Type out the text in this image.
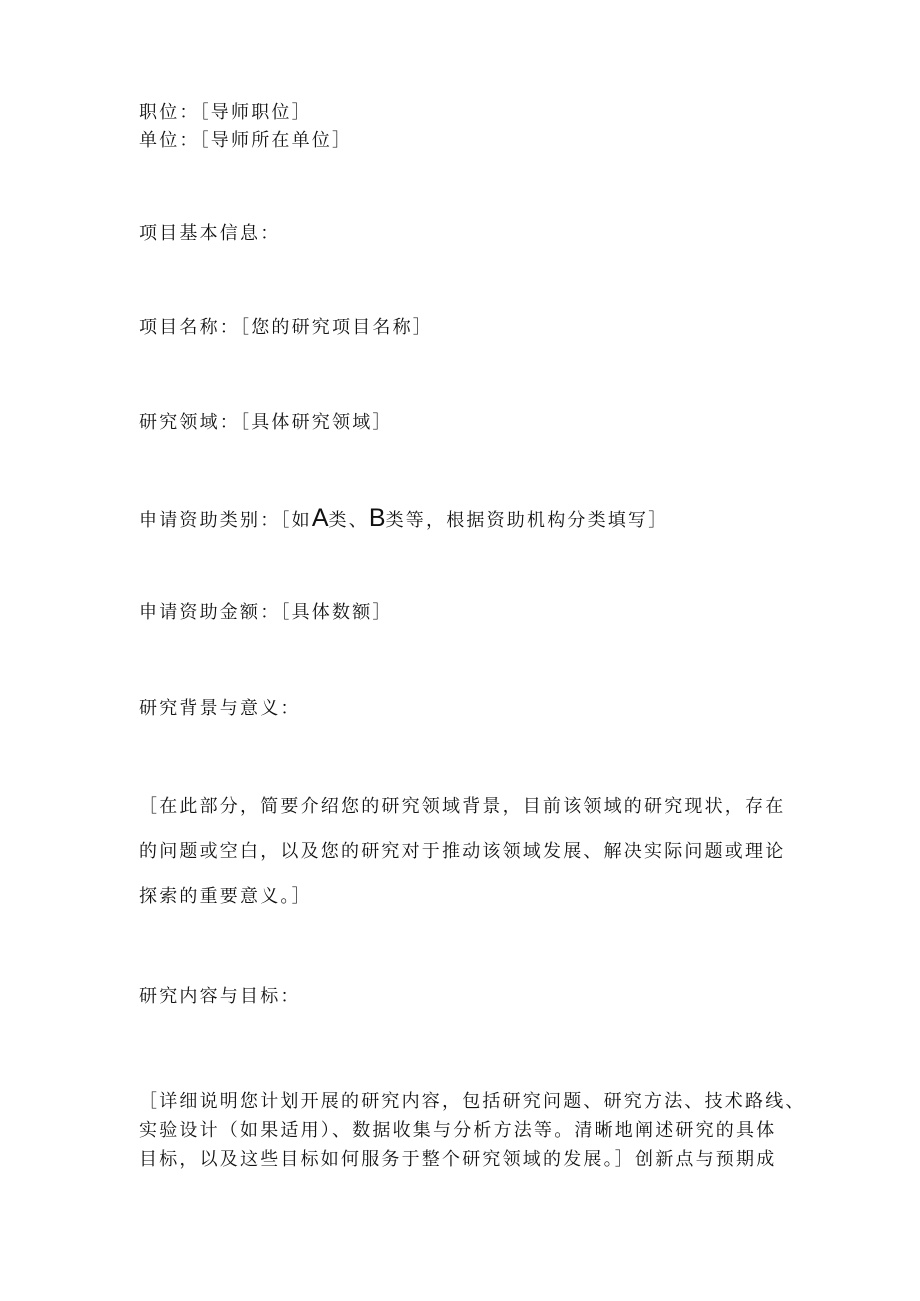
职位：［导师职位］
单位：［导师所在单位］
项目基本信息：
项目名称：［您的研究项目名称］
研究领域：［具体研究领域］
申请资助类别：［如A类、B类等，根据资助机构分类填写］
申请资助金额：［具体数额］
研究背景与意义：
［在此部分，简要介绍您的研究领域背景，目前该领域的研究现状，存在
的问题或空白，以及您的研究对于推动该领域发展、解决实际问题或理论
探索的重要意义。］
研究内容与目标：
［详细说明您计划开展的研究内容，包括研究问题、研究方法、技术路线、
实验设计（如果适用）、数据收集与分析方法等。清晰地阐述研究的具体
目标，以及这些目标如何服务于整个研究领域的发展。］创新点与预期成
